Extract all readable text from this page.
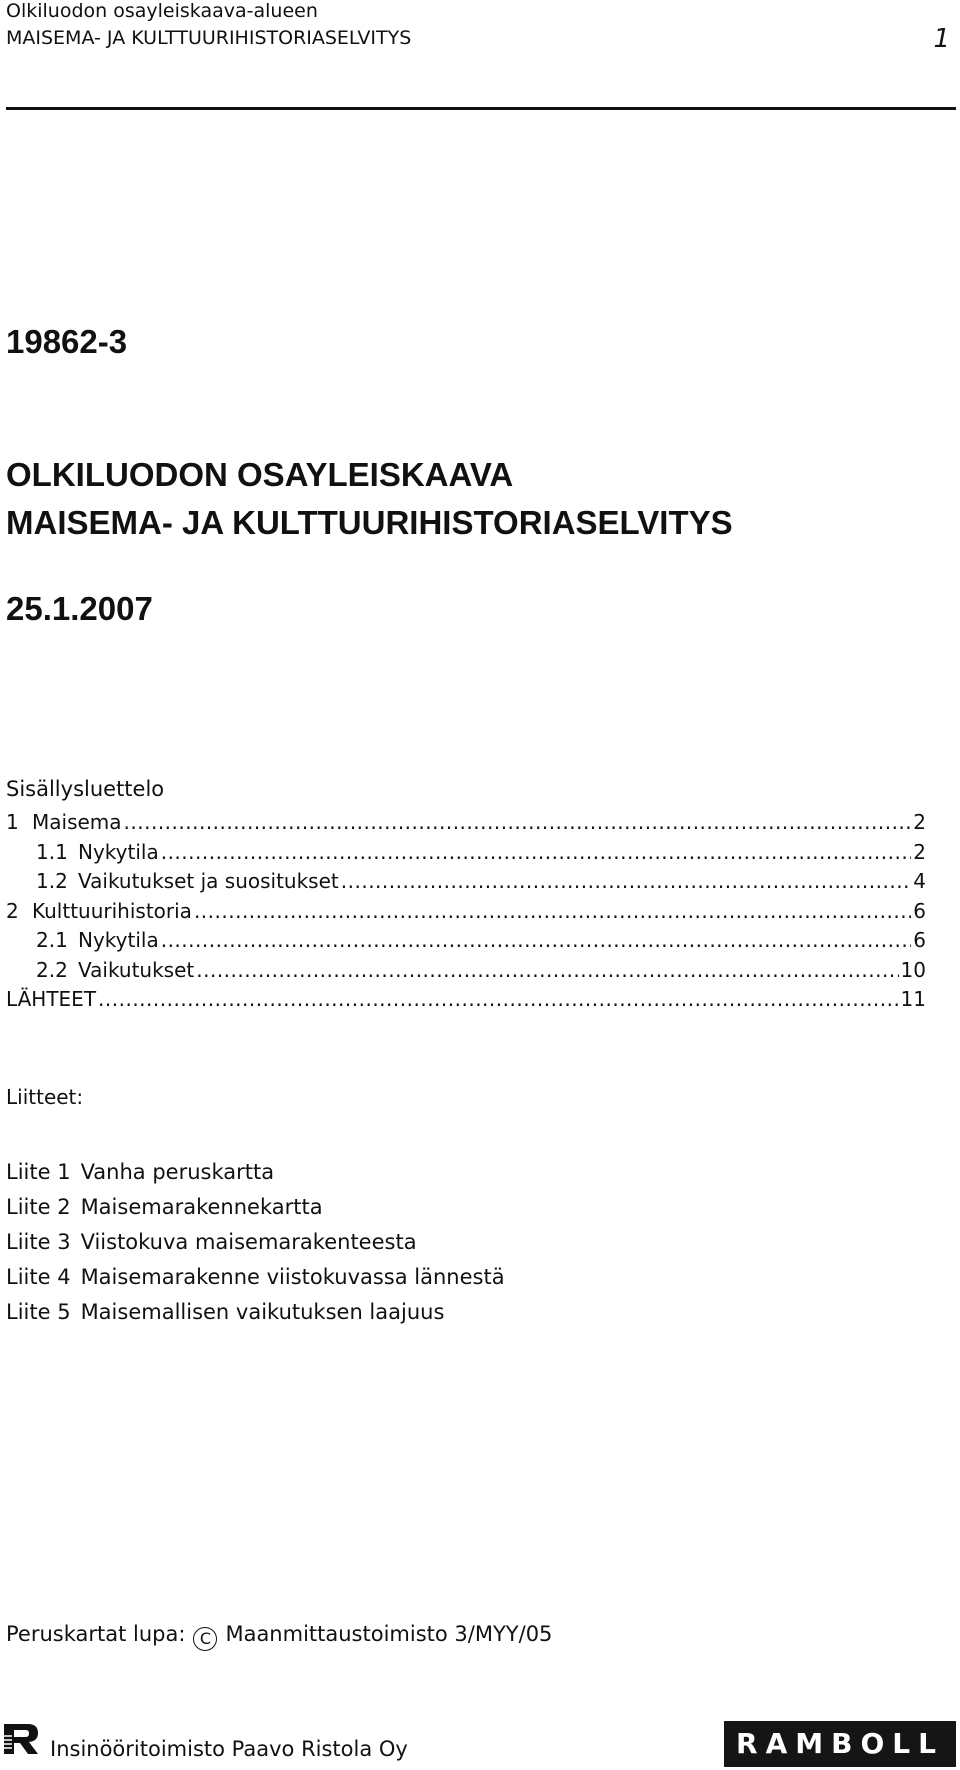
Olkiluodon osayleiskaava-alueen
MAISEMA- JA KULTTUURIHISTORIASELVITYS	1
19862-3
OLKILUODON OSAYLEISKAAVA
MAISEMA- JA KULTTUURIHISTORIASELVITYS
25.1.2007
Sisällysluettelo
1 Maisema .....	2
1.1 Nykytila .....	2
1.2 Vaikutukset ja suositukset .....	4
2 Kulttuurihistoria .....	6
2.1 Nykytila .....	6
2.2 Vaikutukset .....	10
LÄHTEET .....	11
Liitteet:
Liite 1 Vanha peruskartta
Liite 2 Maisemarakennekartta
Liite 3 Viistokuva maisemarakenteesta
Liite 4 Maisemarakenne viistokuvassa lännestä
Liite 5 Maisemallisen vaikutuksen laajuus
Peruskartat lupa: C Maanmittaustoimisto 3/MYY/05
Insinööritoimisto Paavo Ristola Oy	RAMBOLL
